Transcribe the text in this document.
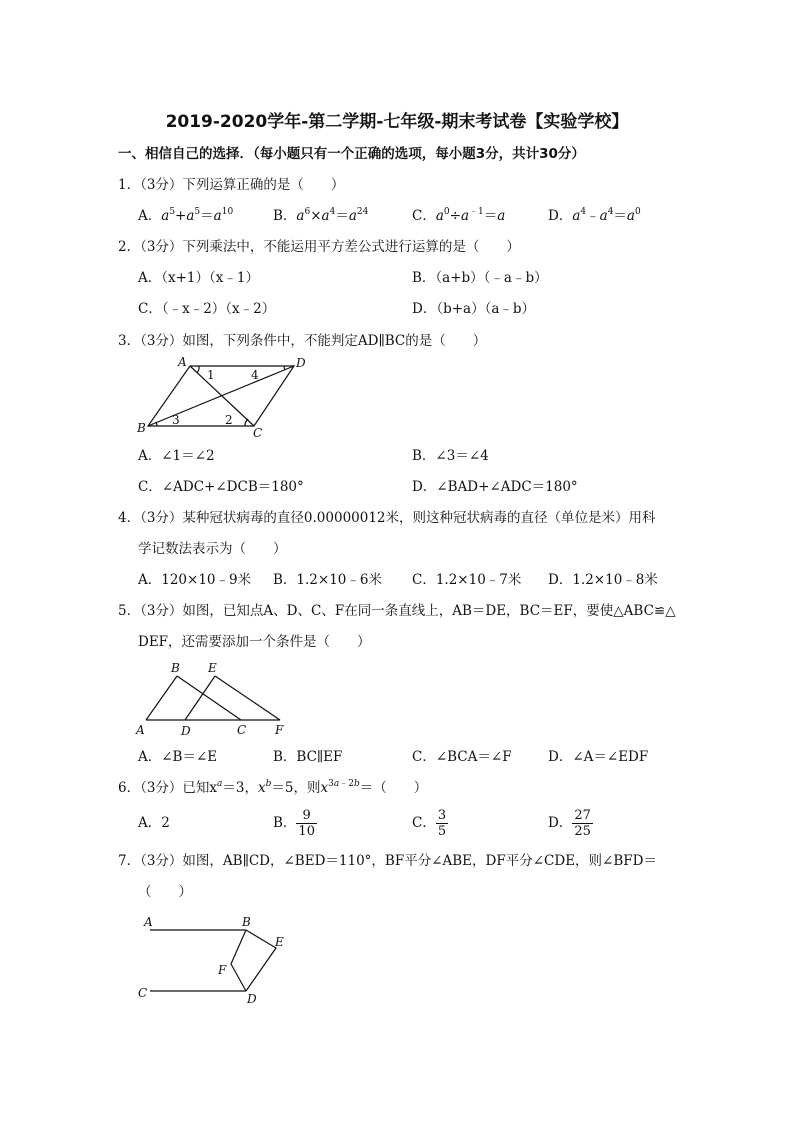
2019-2020学年-第二学期-七年级-期末考试卷【实验学校】
一、相信自己的选择．（每小题只有一个正确的选项，每小题3分，共计30分）
1．（3分）下列运算正确的是（　　）
A．$a^5+a^5=a^{10}$	B．$a^6\times a^4=a^{24}$	C．$a^0\div a^{﹣1}=a$	D．$a^4﹣a^4=a^0$
2．（3分）下列乘法中，不能运用平方差公式进行运算的是（　　）
A．（x+1）（x﹣1）	B．（a+b）（﹣a﹣b）
C．（﹣x﹣2）（x﹣2）	D．（b+a）（a﹣b）
3．（3分）如图，下列条件中，不能判定AD∥BC的是（　　）
A	D
B	C
1
2
3
4
A．∠1＝∠2	B．∠3＝∠4
C．∠ADC+∠DCB＝180°	D．∠BAD+∠ADC＝180°
4．（3分）某种冠状病毒的直径0.00000012米，则这种冠状病毒的直径（单位是米）用科
学记数法表示为（　　）
A．120×10﹣9米 B．1.2×10﹣6米 C．1.2×10﹣7米 D．1.2×10﹣8米
5．（3分）如图，已知点A、D、C、F在同一条直线上，AB＝DE，BC＝EF，要使△ABC≌△
DEF，还需要添加一个条件是（　　）
B E
A	D	C F
A．∠B＝∠E	B．BC∥EF	C．∠BCA＝∠F	D．∠A＝∠EDF
6．（3分）已知$x^a=3$，$x^b=5$，则$x^{3a﹣2b}=$（　　）
A．2	B． $\frac{9}{10}$	C． $\frac{3}{5}$	D． $\frac{27}{25}$
7．（3分）如图，AB∥CD，∠BED＝110°，BF平分∠ABE，DF平分∠CDE，则∠BFD＝
（　　）
A	B
E
F
C	D
